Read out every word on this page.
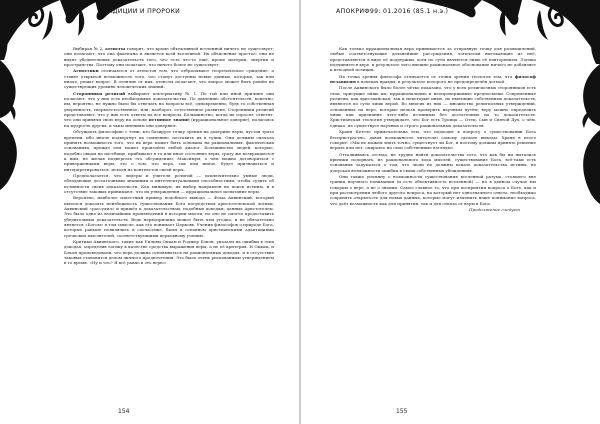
ТРАДИЦИИ И ПРОРОКИ

Выбирая № 2, атеисты говорят, что кроме объективной вселенной ничего не существует; они полагают, что она фактична и является всей вселенной. Их объяснение простое: они не видят убедительных доказательств того, что есть что-то ещё, кроме материи, энергии и пространства. Поэтому они полагают, что ничего более не существует.

Агностики отличаются от атеистов тем, что отбрасывают теоретическое суждение, а ставят открытой возможность того, что станут доступны новые данные, которые, так или иначе, решат вопрос. В отличие от них, атеисты полагают, что вопрос может быть решён на существующих уровнях человеческих знаний.

Сторонники религий выбирают альтернативу № 1. По той или иной причине они полагают, что у них есть необходимые доказательства. По давлению обстоятельств, конечно, им, вероятно, не нужно было бы отвечать на вопросы всё, одновременно, будь то собственная уверенность, сверхъестественное, или, наоборот, естественное развитие. Сторонники религий представляют, что у них есть ответы на все вопросы. Большинство, когда их спросят, ответят, что они приняли свою веру на основе истинное знание (иррациональное доверие), полагаясь на мудрость других, к чьим мнениям они доверяют.

Обсуждать философию с теми, кто базирует точку зрения на доктрине веры, пустая трата времени, ибо иначе подвергнут их сомнению, поставить их в тупик. Они должны сначала принять возможность того, что их вера может быть основана на рациональных, фактических основаниях, прежде чем может произойти любой диалог. Большинство людей, которые, подобно овцам на пастбище, прибывают в то или иное состояние веры, сразу же возвращаются к ним, не желая подвергать это обсуждению. Максимум, о чём можно договориться с приверженцами веры, это о том, что вера, так или иначе, будет признаваться и интерпретироваться, исходя из контекстов своей веры.

Предполагается, что лидеры и учителя религий — исключительно умные люди, обладающие достаточными знаниями и интеллектуальными способностями, чтобы судить об истинности своих доказательств. Как минимум, их выбор направлен на поиск истины, и в отсутствие таковых принимают, что их утверждения — иррациональное испытание веры.

Вероятно, наиболее известный пример подобного вывода — Фома Аквинский, который пытался доказать неизбежность существования Бога посредством аристотелевской логики. Аквинский «рассудил» и пришёл к доказательствам, подобных доводам, данных Аристотелем. Это было одно из величайших произведений в истории мысли, но оно не смогло предоставить убедительных доказательств. Ведь первопричина может быть чем угодно, и не обязательно является «Богом» в том смысле, как его понимает Церковь. Учения философов о природе Бога, которые раньше появлялись в схоластике, были в основном христианскими адаптациями греческих мыслителей, соответствующими церковному учению.

Критики Аквинского, такие как Уильям Оккам и Роджер Бэкон, указали на ошибки в этих доводах, определив логику в качестве средства выражения веры, а не её критерия. И Оккам, и Бэкон проповедовали, что вера должна основываться на рациональных доводах, и в отсутствие таковых становится делом личного предпочтения. Это было очень рискованным утверждением в то время. «Ну и что? Я всё равно в это верю».

154
АПОКРИФ99: 01.2016 (85.1 н.э.)

Как только иррациональная вера принимается за отправную точку для размышлений, любые соответствующие дальнейшие рассуждения, логически вытекающие из неё, представляются в виде её поддержки, хотя по сути являются лишь её повторением. Логика подчиняется вере, в результате чего внешне рациональное обоснование ничего не добавляет к исходной позиции.

Их точка зрения философа отличается от точки зрения теологов тем, что философ независим в поисках правды, в результате которого не предопределён догмой.

После Аквинского было более чётко показано, что у всех религиозных сторонников есть свои, присущие лишь им, иррациональные и неопровержимые предпосылки. Современные религии, как христианская, так и некоторые иные, не имеющие собственных доказательств, являются по сути лишь верой. Во многих из них — множество религиозных утверждений, основанных на вере, которые нельзя проверить научным путём; веру можно определить лишь как признание чего-либо истинным без достаточных на то доказательств. Христианская теология утверждает, что Бог есть Троица — Отец, Сын и Святой Дух, о чём, однако, не существует научных и строго рациональных доказательств.

Храня Кетеле примечательна тем, что подходит к вопросу о существовании Бога беспристрастно, давая возможность читателю самому сделать выводы. Храня в итоге говорит: «Мы не можем знать точно, существует ли Бог, и поэтому должны принять решение верить или нет, опираясь на свои собственные взгляды».

Отталкиваясь отсюда, не трудно найти доказательства того, что как бы ни пытались критики подорвать, из рационального хода мыслей, существование Бога, всё-таки есть основания задуматься о том, что люди не должны искать доказательства истины, не допуская возможности ошибки в своих собственных убеждениях.

Они также упомяну о возможности существования вселенной разума, стоящего вне границ научного понимания (и есть объективность вселенной) — но в данном случае мы говорим о вере, а не о знании. Самое главное то, что при восприятии вопроса о Боге, как и при рассмотрении любого другого вопроса, на который нет однозначного ответа, необходимо сохранять открытость для новых данных, которые могут изменить наше понимание вопроса, что даёт возможность как для принятия, так и для отказа от веры в Бога.

Продолжение следует

155
